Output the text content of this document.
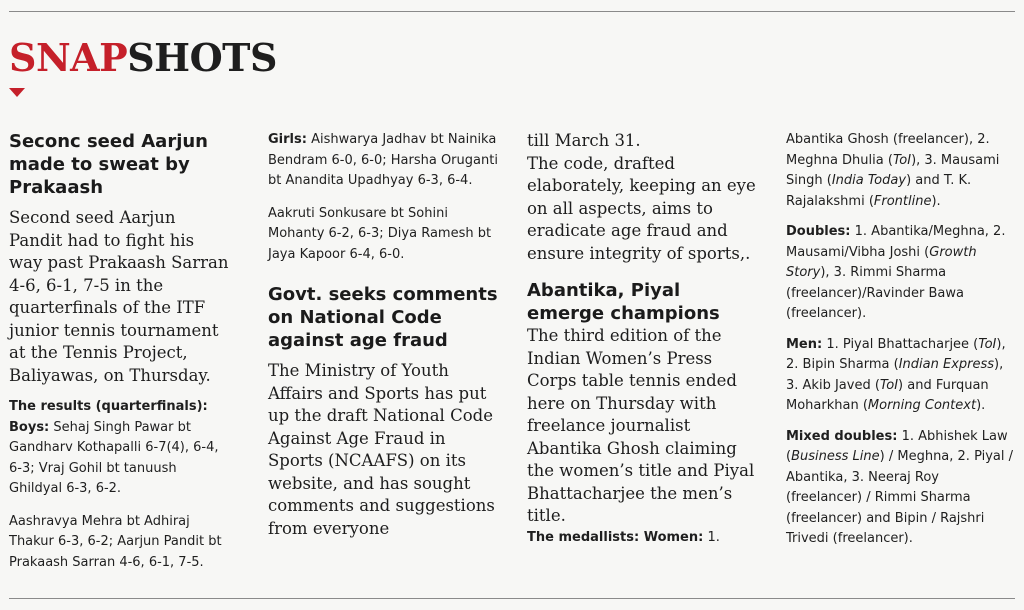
SNAPSHOTS
Seconc seed Aarjun made to sweat by Prakaash

Second seed Aarjun Pandit had to fight his way past Prakaash Sarran 4-6, 6-1, 7-5 in the quarterfinals of the ITF junior tennis tournament at the Tennis Project, Baliyawas, on Thursday.

The results (quarterfinals):

Boys: Sehaj Singh Pawar bt Gandharv Kothapalli 6-7(4), 6-4, 6-3; Vraj Gohil bt tanuush Ghildyal 6-3, 6-2.

Aashravya Mehra bt Adhiraj Thakur 6-3, 6-2; Aarjun Pandit bt Prakaash Sarran 4-6, 6-1, 7-5.

Girls: Aishwarya Jadhav bt Nainika Bendram 6-0, 6-0; Harsha Oruganti bt Anandita Upadhyay 6-3, 6-4.

Aakruti Sonkusare bt Sohini Mohanty 6-2, 6-3; Diya Ramesh bt Jaya Kapoor 6-4, 6-0.

Govt. seeks comments on National Code against age fraud

The Ministry of Youth Affairs and Sports has put up the draft National Code Against Age Fraud in Sports (NCAAFS) on its website, and has sought comments and suggestions from everyone

till March 31.

The code, drafted elaborately, keeping an eye on all aspects, aims to eradicate age fraud and ensure integrity of sports,.

Abantika, Piyal emerge champions

The third edition of the Indian Women’s Press Corps table tennis ended here on Thursday with freelance journalist Abantika Ghosh claiming the women’s title and Piyal Bhattacharjee the men’s title.

The medallists: Women: 1.

Abantika Ghosh (freelancer), 2. Meghna Dhulia (ToI), 3. Mausami Singh (India Today) and T. K. Rajalakshmi (Frontline).

Doubles: 1. Abantika/Meghna, 2. Mausami/Vibha Joshi (Growth Story), 3. Rimmi Sharma (freelancer)/Ravinder Bawa (freelancer).

Men: 1. Piyal Bhattacharjee (ToI), 2. Bipin Sharma (Indian Express), 3. Akib Javed (ToI) and Furquan Moharkhan (Morning Context).

Mixed doubles: 1. Abhishek Law (Business Line) / Meghna, 2. Piyal / Abantika, 3. Neeraj Roy (freelancer) / Rimmi Sharma (freelancer) and Bipin / Rajshri Trivedi (freelancer).
